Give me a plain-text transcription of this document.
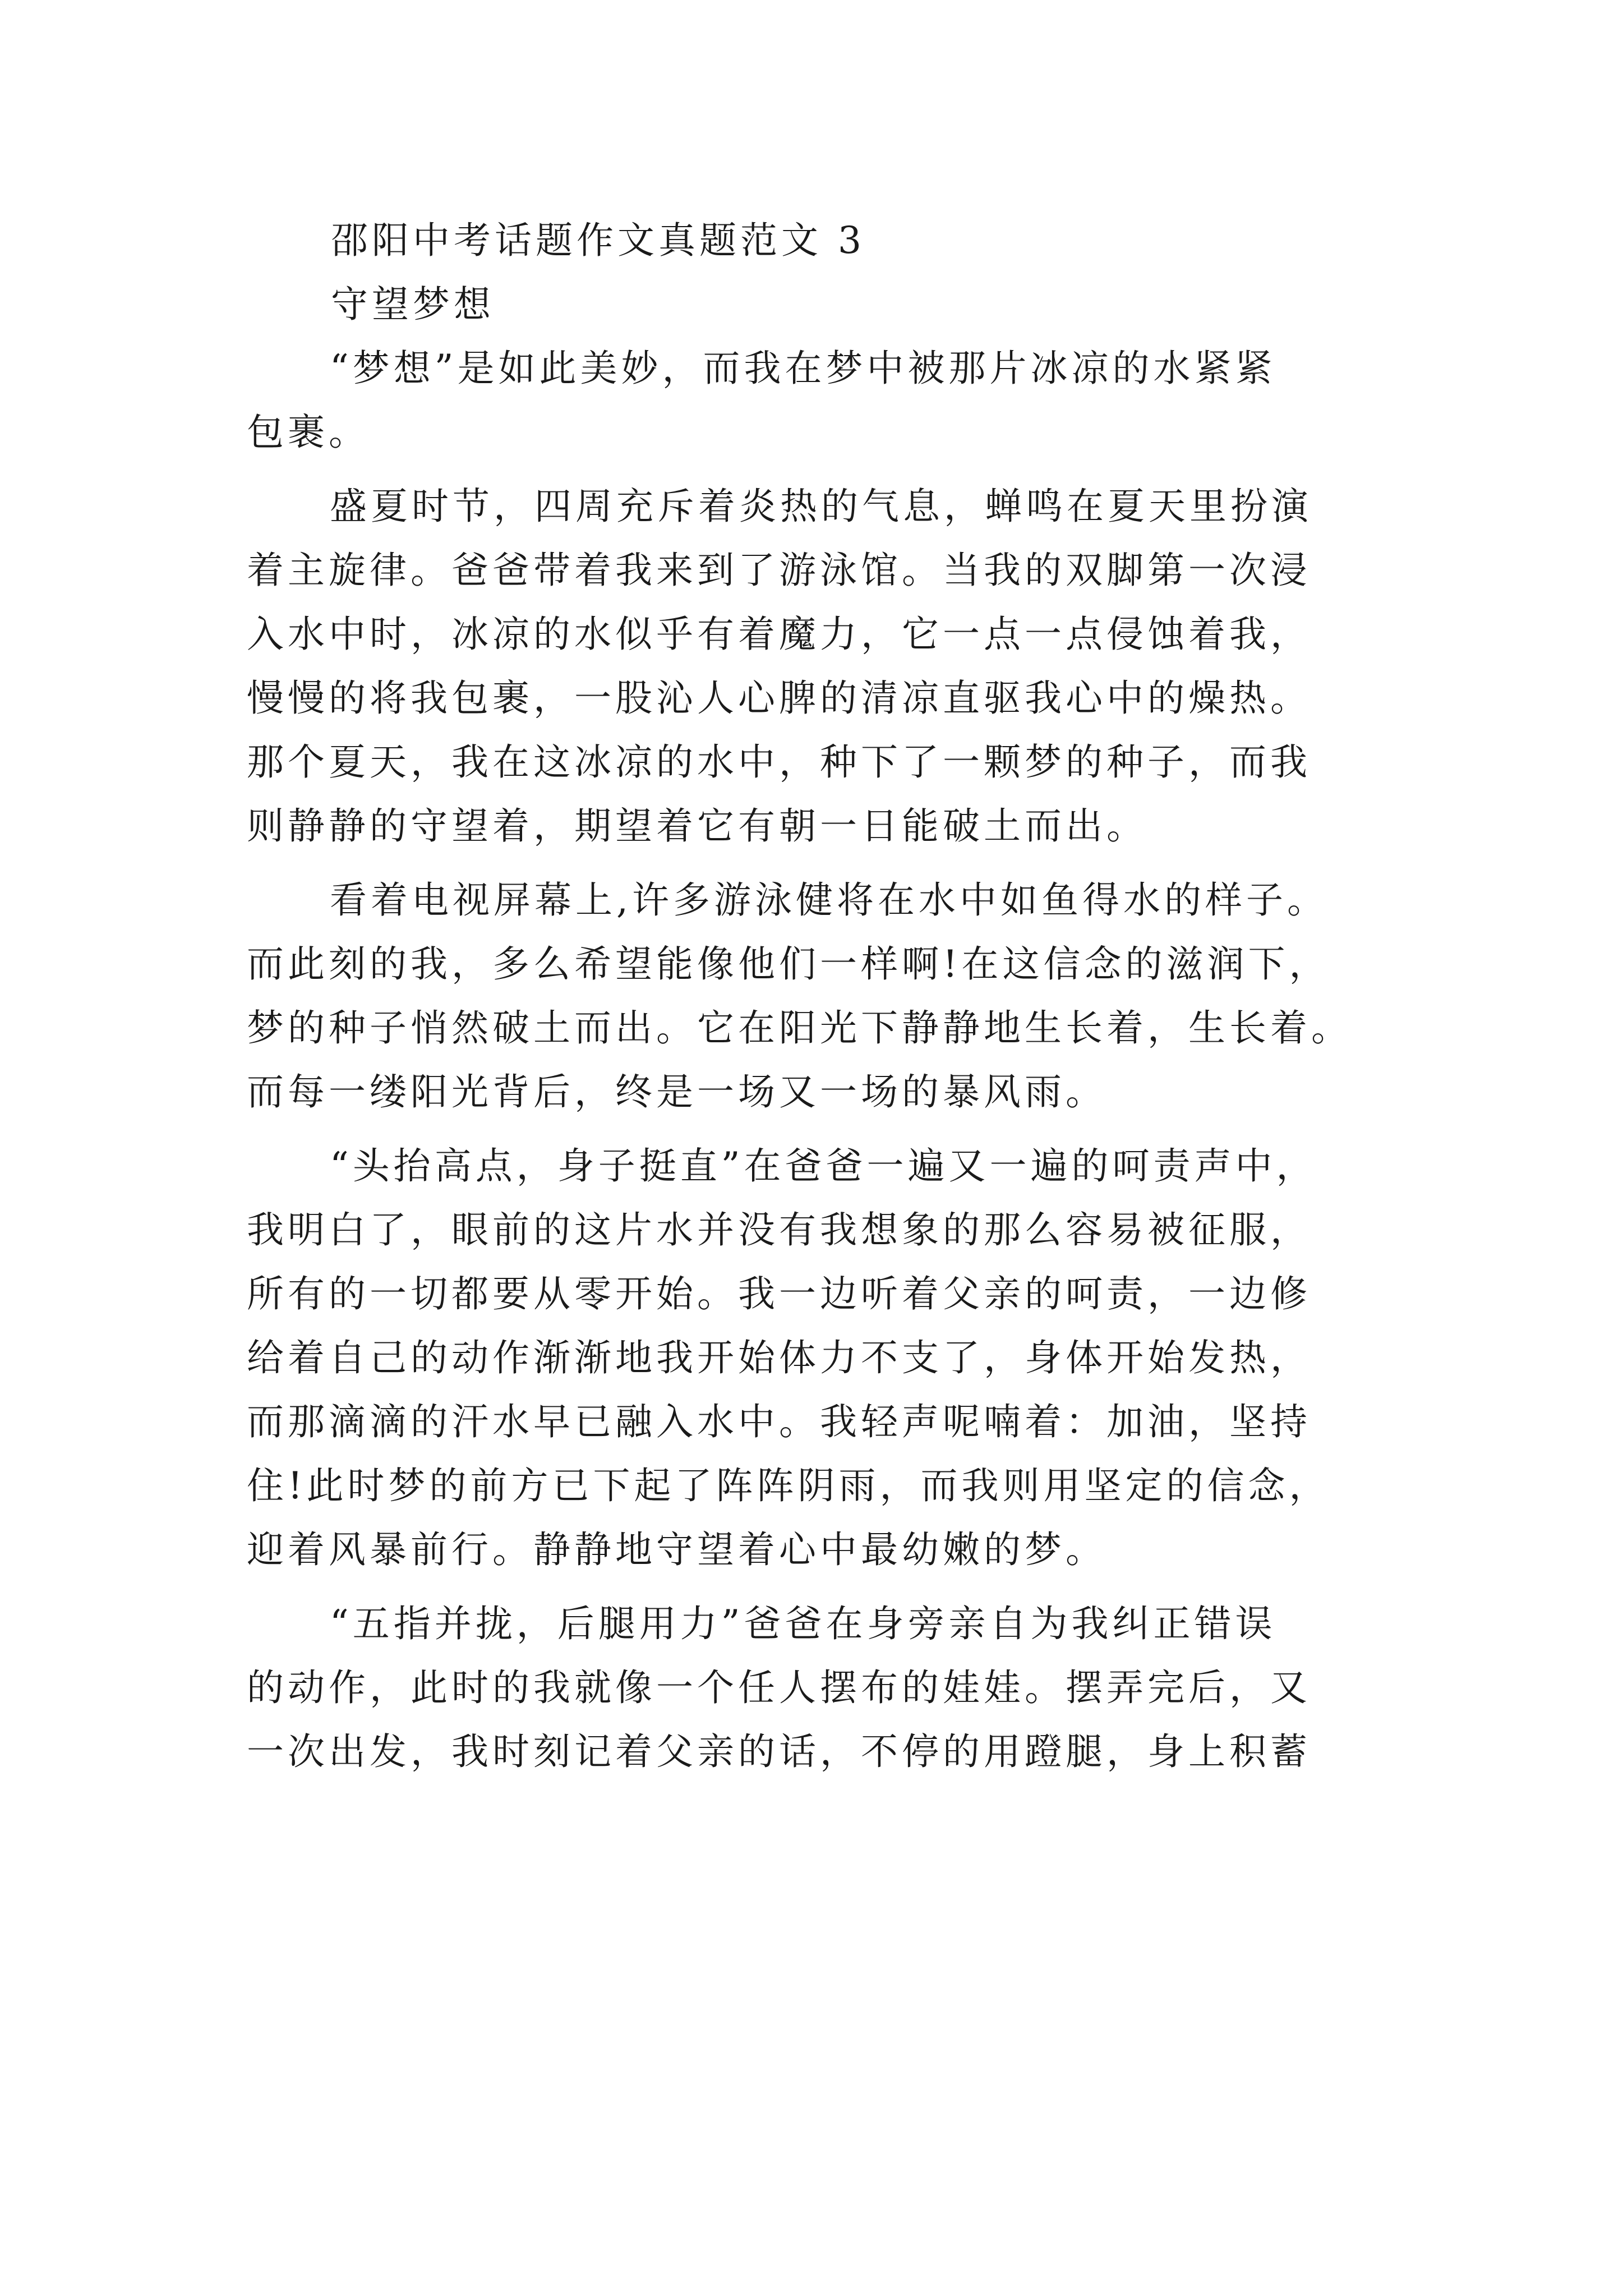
邵阳中考话题作文真题范文 3
守望梦想
“梦想”是如此美妙，而我在梦中被那片冰凉的水紧紧
包裹。
盛夏时节，四周充斥着炎热的气息，蝉鸣在夏天里扮演
着主旋律。爸爸带着我来到了游泳馆。当我的双脚第一次浸
入水中时，冰凉的水似乎有着魔力，它一点一点侵蚀着我，
慢慢的将我包裹，一股沁人心脾的清凉直驱我心中的燥热。
那个夏天，我在这冰凉的水中，种下了一颗梦的种子，而我
则静静的守望着，期望着它有朝一日能破土而出。
看着电视屏幕上,许多游泳健将在水中如鱼得水的样子。
而此刻的我，多么希望能像他们一样啊!在这信念的滋润下，
梦的种子悄然破土而出。它在阳光下静静地生长着，生长着。
而每一缕阳光背后，终是一场又一场的暴风雨。
“头抬高点，身子挺直”在爸爸一遍又一遍的呵责声中，
我明白了，眼前的这片水并没有我想象的那么容易被征服，
所有的一切都要从零开始。我一边听着父亲的呵责，一边修
给着自己的动作渐渐地我开始体力不支了，身体开始发热，
而那滴滴的汗水早已融入水中。我轻声呢喃着：加油，坚持
住!此时梦的前方已下起了阵阵阴雨，而我则用坚定的信念，
迎着风暴前行。静静地守望着心中最幼嫩的梦。
“五指并拢，后腿用力”爸爸在身旁亲自为我纠正错误
的动作，此时的我就像一个任人摆布的娃娃。摆弄完后，又
一次出发，我时刻记着父亲的话，不停的用蹬腿，身上积蓄
